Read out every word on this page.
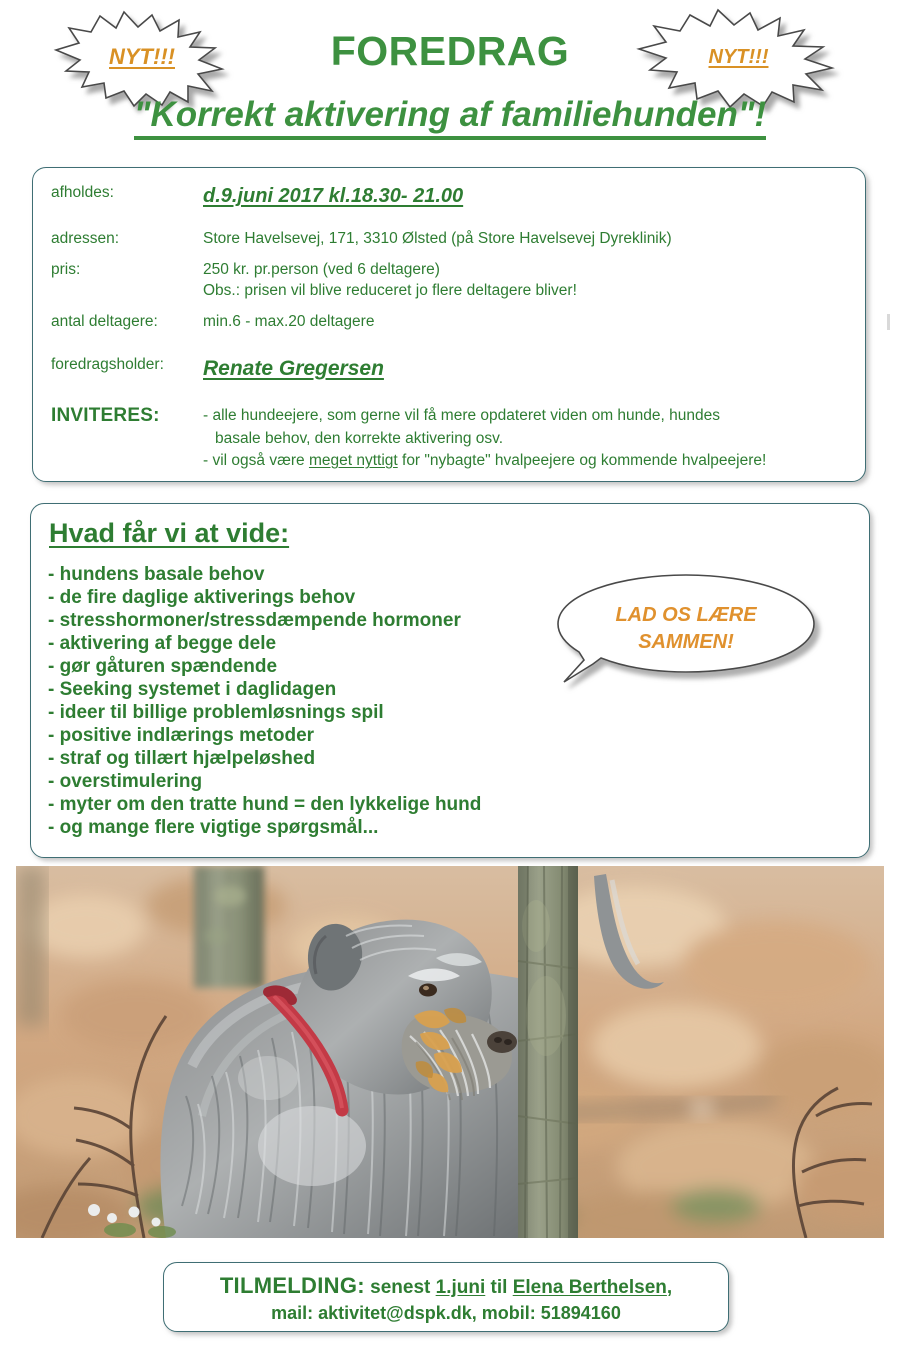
NYT!!!	FOREDRAG	NYT!!!
"Korrekt aktivering af familiehunden"!
afholdes:	d.9.juni 2017 kl.18.30- 21.00
adressen:	Store Havelsevej, 171, 3310 Ølsted (på Store Havelsevej Dyreklinik)
pris:	250 kr. pr.person (ved 6 deltagere)
Obs.: prisen vil blive reduceret jo flere deltagere bliver!
antal deltagere:	min.6 - max.20 deltagere
foredragsholder:	Renate Gregersen
INVITERES:	- alle hundeejere, som gerne vil få mere opdateret viden om hunde, hundes
basale behov, den korrekte aktivering osv.
- vil også være meget nyttigt for "nybagte" hvalpeejere og kommende hvalpeejere!
Hvad får vi at vide:
- hundens basale behov
- de fire daglige aktiverings behov
- stresshormoner/stressdæmpende hormoner
- aktivering af begge dele
- gør gåturen spændende
- Seeking systemet i daglidagen
- ideer til billige problemløsnings spil
- positive indlærings metoder
- straf og tillært hjælpeløshed
- overstimulering
- myter om den tratte hund = den lykkelige hund
- og mange flere vigtige spørgsmål...
LAD OS LÆRE
SAMMEN!
TILMELDING: senest 1.juni til Elena Berthelsen,
mail: aktivitet@dspk.dk, mobil: 51894160
